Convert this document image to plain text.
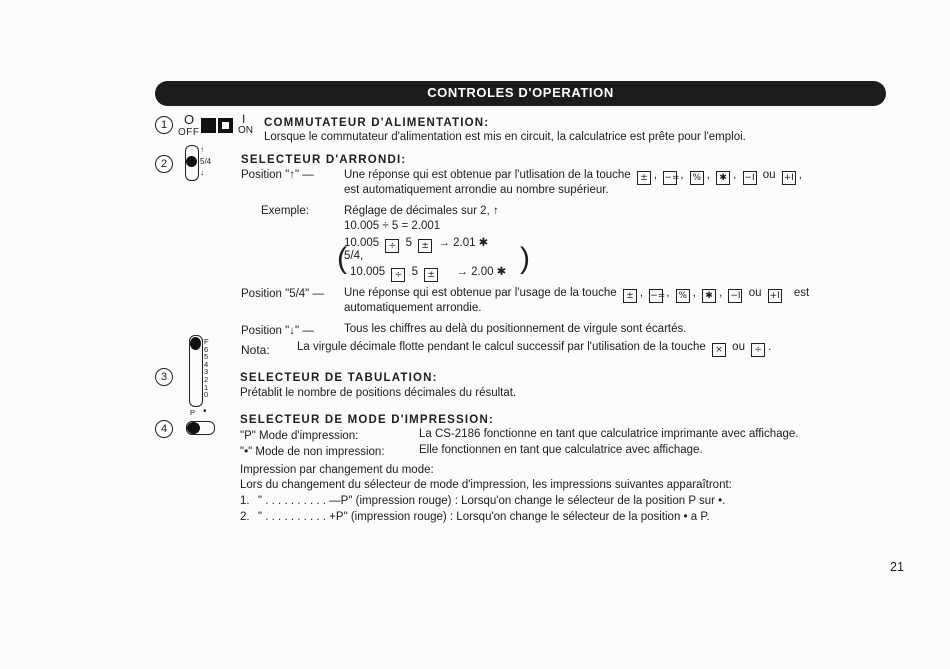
CONTROLES D'OPERATION
1	O
OFF
I
ON
COMMUTATEUR D'ALIMENTATION:
Lorsque le commutateur d'alimentation est mis en circuit, la calculatrice est prête pour l'emploi.
2
↑
5/4
↓
SELECTEUR D'ARRONDI:
Position "↑" —	Une réponse qui est obtenue par l'utlisation de la touche ± , −=, % , ✱ , −I ou +I ,
est automatiquement arrondie au nombre supérieur.
Exemple:	Réglage de décimales sur 2, ↑
10.005 ÷ 5 = 2.001
10.005 ÷ 5 ± → 2.01 ✱
(
5/4,
10.005 ÷ 5 ± → 2.00 ✱ )
Position "5/4" — Une réponse qui est obtenue par l'usage de la touche ± , −=, % , ✱ , −I ou +I est
automatiquement arrondie.
Position "↓" —	Tous les chiffres au delà du positionnement de virgule sont écartés.
Nota: La virgule décimale flotte pendant le calcul successif par l'utilisation de la touche × ou ÷ .
3
F
6
5
4
3
2
1
0
SELECTEUR DE TABULATION:
Prétablit le nombre de positions décimales du résultat.
4
P •
SELECTEUR DE MODE D'IMPRESSION:
"P" Mode d'impression:	La CS-2186 fonctionne en tant que calculatrice imprimante avec affichage.
"•" Mode de non impression:	Elle fonctionnen en tant que calculatrice avec affichage.
Impression par changement du mode:
Lors du changement du sélecteur de mode d'impression, les impressions suivantes apparaîtront:
1. " . . . . . . . . . . —P" (impression rouge) : Lorsqu'on change le sélecteur de la position P sur •.
2. " . . . . . . . . . . +P" (impression rouge) : Lorsqu'on change le sélecteur de la position • a P.
21
